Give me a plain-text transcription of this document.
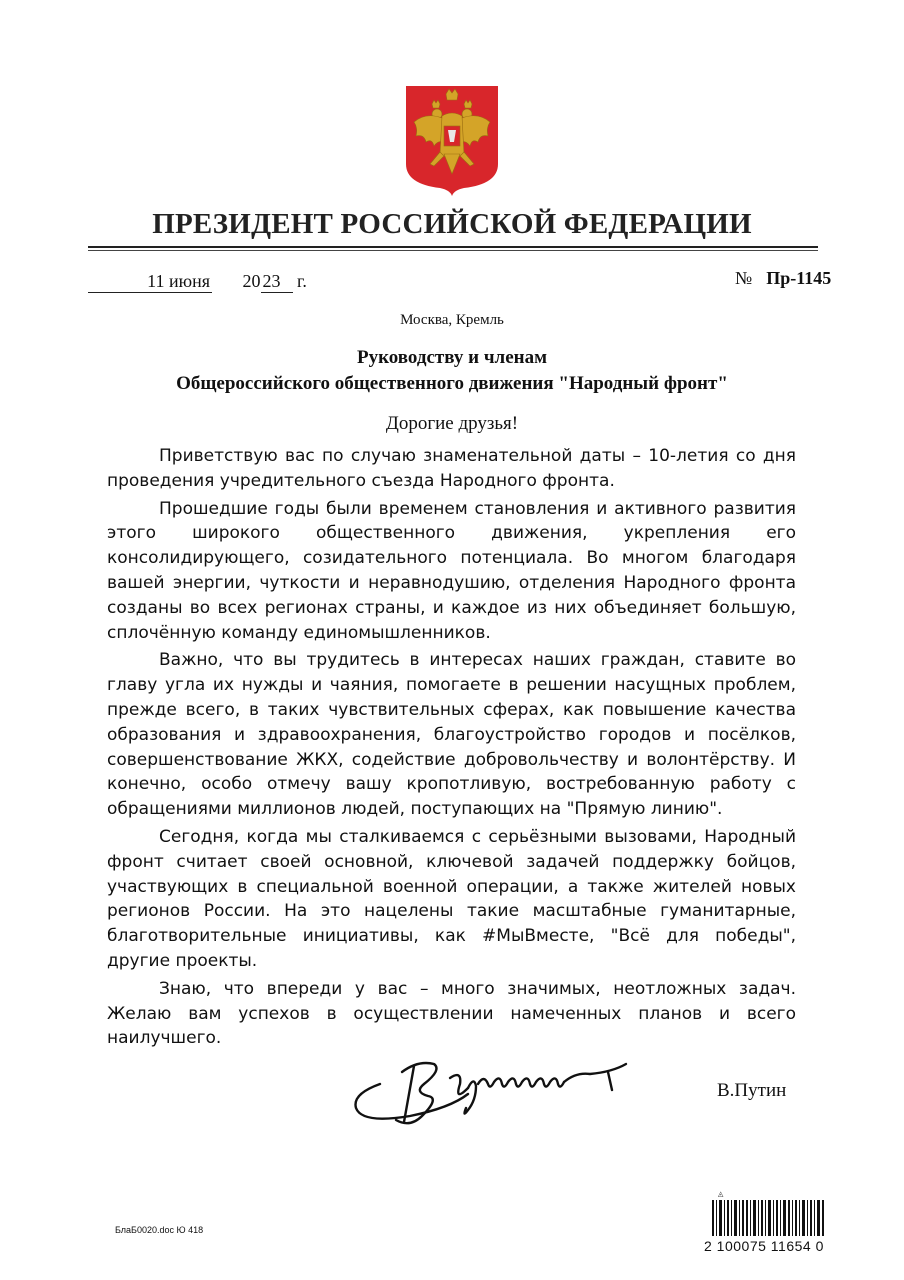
ПРЕЗИДЕНТ РОССИЙСКОЙ ФЕДЕРАЦИИ
11 июня 20 23 г.	№ Пр-1145
Москва, Кремль
Руководству и членам
Общероссийского общественного движения "Народный фронт"
Дорогие друзья!

Приветствую вас по случаю знаменательной даты – 10-летия со дня проведения учредительного съезда Народного фронта.

Прошедшие годы были временем становления и активного развития этого широкого общественного движения, укрепления его консолидирующего, созидательного потенциала. Во многом благодаря вашей энергии, чуткости и неравнодушию, отделения Народного фронта созданы во всех регионах страны, и каждое из них объединяет большую, сплочённую команду единомышленников.

Важно, что вы трудитесь в интересах наших граждан, ставите во главу угла их нужды и чаяния, помогаете в решении насущных проблем, прежде всего, в таких чувствительных сферах, как повышение качества образования и здравоохранения, благоустройство городов и посёлков, совершенствование ЖКХ, содействие добровольчеству и волонтёрству. И конечно, особо отмечу вашу кропотливую, востребованную работу с обращениями миллионов людей, поступающих на "Прямую линию".

Сегодня, когда мы сталкиваемся с серьёзными вызовами, Народный фронт считает своей основной, ключевой задачей поддержку бойцов, участвующих в специальной военной операции, а также жителей новых регионов России. На это нацелены такие масштабные гуманитарные, благотворительные инициативы, как #МыВместе, "Всё для победы", другие проекты.

Знаю, что впереди у вас – много значимых, неотложных задач. Желаю вам успехов в осуществлении намеченных планов и всего наилучшего.

В.Путин
БлаБ0020.doc Ю 418
◬
2 100075 11654 0
